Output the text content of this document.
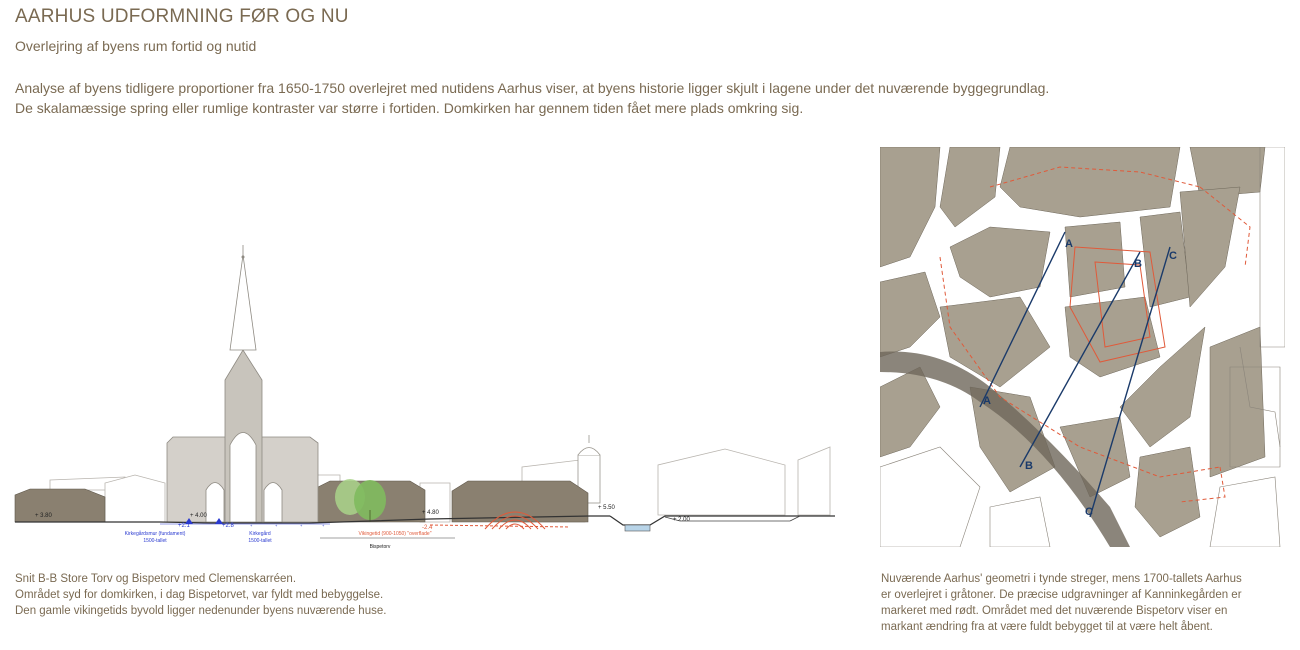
AARHUS UDFORMNING FØR OG NU
Overlejring af byens rum fortid og nutid
Analyse af byens tidligere proportioner fra 1650-1750 overlejret med nutidens Aarhus viser, at byens historie ligger skjult i lagene under det nuværende byggegrundlag.
De skalamæssige spring eller rumlige kontraster var større i fortiden. Domkirken har gennem tiden fået mere plads omkring sig.
+	+	+	+
+ 3.80	+ 4.00
+2.1	+2.8
+ 4.80
+ 5.50
+ 2.00
-2.4
Kirkegårdsmur (fundament)
1500-tallet
Kirkegård
1500-tallet
Vikingetid (900-1050) "overflade"
Bispetorv
A
B
C
A
B
C
Snit B-B Store Torv og Bispetorv med Clemenskarréen.
Området syd for domkirken, i dag Bispetorvet, var fyldt med bebyggelse.
Den gamle vikingetids byvold ligger nedenunder byens nuværende huse.
Nuværende Aarhus' geometri i tynde streger, mens 1700-tallets Aarhus
er overlejret i gråtoner. De præcise udgravninger af Kanninkegården er
markeret med rødt. Området med det nuværende Bispetorv viser en
markant ændring fra at være fuldt bebygget til at være helt åbent.
